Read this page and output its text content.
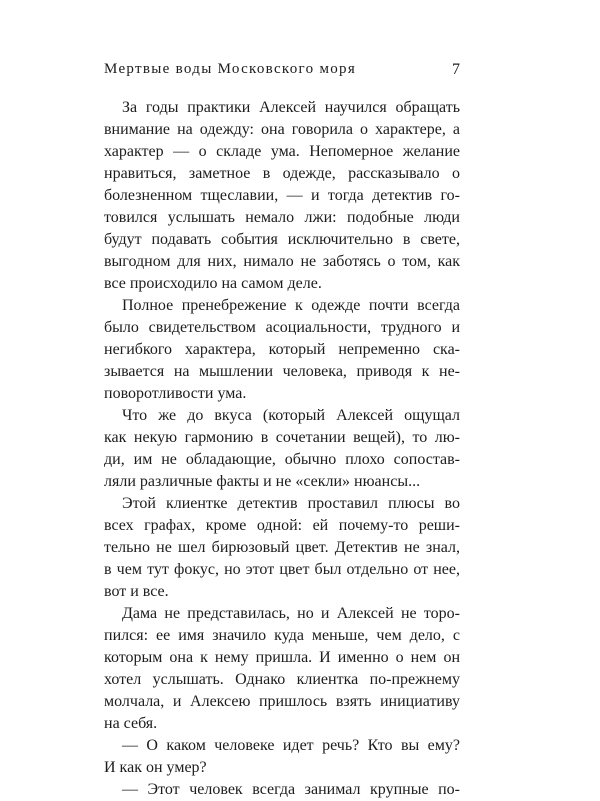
Мертвые воды Московского моря	7
За годы практики Алексей научился обращать
внимание на одежду: она говорила о характере, а
характер — о складе ума. Непомерное желание
нравиться, заметное в одежде, рассказывало о
болезненном тщеславии, — и тогда детектив го-
товился услышать немало лжи: подобные люди
будут подавать события исключительно в свете,
выгодном для них, нимало не заботясь о том, как
все происходило на самом деле.
Полное пренебрежение к одежде почти всегда
было свидетельством асоциальности, трудного и
негибкого характера, который непременно ска-
зывается на мышлении человека, приводя к не-
поворотливости ума.
Что же до вкуса (который Алексей ощущал
как некую гармонию в сочетании вещей), то лю-
ди, им не обладающие, обычно плохо сопостав-
ляли различные факты и не «секли» нюансы...
Этой клиентке детектив проставил плюсы во
всех графах, кроме одной: ей почему-то реши-
тельно не шел бирюзовый цвет. Детектив не знал,
в чем тут фокус, но этот цвет был отдельно от нее,
вот и все.
Дама не представилась, но и Алексей не торо-
пился: ее имя значило куда меньше, чем дело, с
которым она к нему пришла. И именно о нем он
хотел услышать. Однако клиентка по-прежнему
молчала, и Алексею пришлось взять инициативу
на себя.
— О каком человеке идет речь? Кто вы ему?
И как он умер?
— Этот человек всегда занимал крупные по-
